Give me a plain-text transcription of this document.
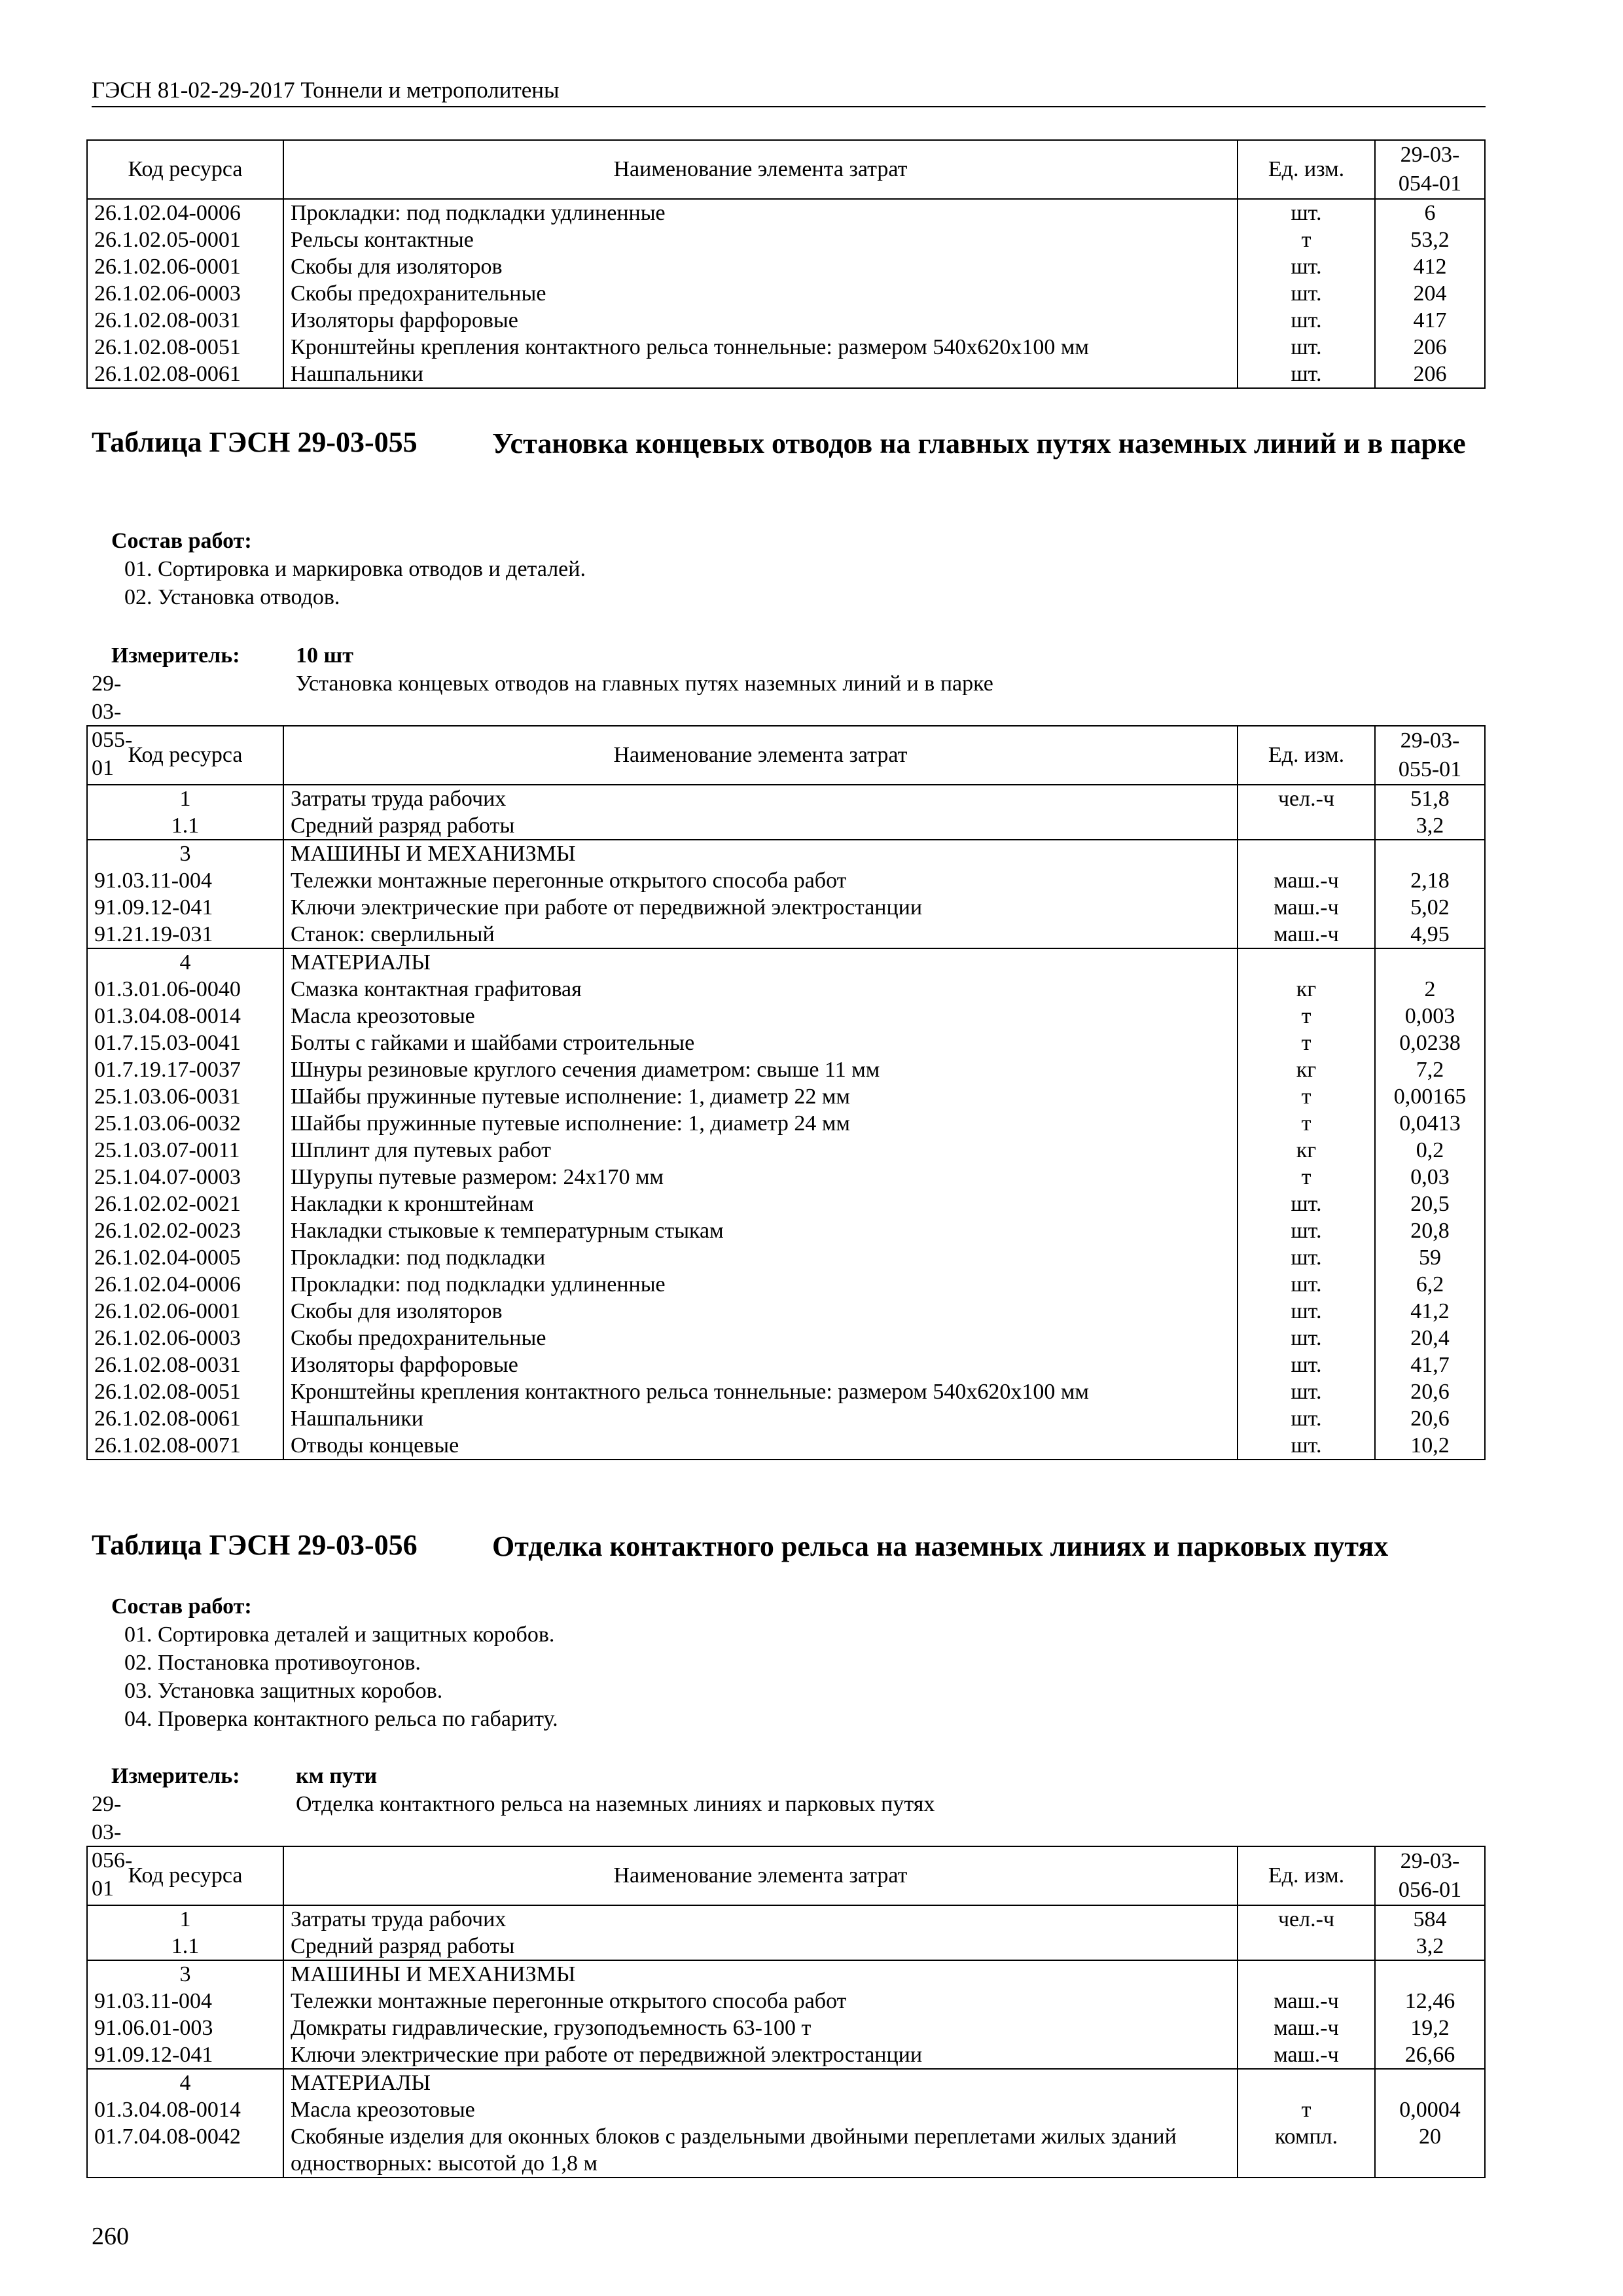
ГЭСН 81-02-29-2017 Тоннели и метрополитены
Код ресурса	Наименование элемента затрат	Ед. изм.	29-03-
054-01
26.1.02.04-0006	Прокладки: под подкладки удлиненные	шт.	6
26.1.02.05-0001	Рельсы контактные	т	53,2
26.1.02.06-0001	Скобы для изоляторов	шт.	412
26.1.02.06-0003	Скобы предохранительные	шт.	204
26.1.02.08-0031	Изоляторы фарфоровые	шт.	417
26.1.02.08-0051	Кронштейны крепления контактного рельса тоннельные: размером 540х620х100 мм	шт.	206
26.1.02.08-0061	Нашпальники	шт.	206
Таблица ГЭСН 29-03-055	Установка концевых отводов на главных путях наземных линий и в парке
Состав работ:
01. Сортировка и маркировка отводов и деталей.
02. Установка отводов.
Измеритель:	10 шт
29-03-055-01
Установка концевых отводов на главных путях наземных линий и в парке
Код ресурса	Наименование элемента затрат	Ед. изм.	29-03-
055-01
1	Затраты труда рабочих	чел.-ч	51,8
1.1	Средний разряд работы		3,2
3	МАШИНЫ И МЕХАНИЗМЫ		
91.03.11-004	Тележки монтажные перегонные открытого способа работ	маш.-ч	2,18
91.09.12-041	Ключи электрические при работе от передвижной электростанции	маш.-ч	5,02
91.21.19-031	Станок: сверлильный	маш.-ч	4,95
4	МАТЕРИАЛЫ		
01.3.01.06-0040	Смазка контактная графитовая	кг	2
01.3.04.08-0014	Масла креозотовые	т	0,003
01.7.15.03-0041	Болты с гайками и шайбами строительные	т	0,0238
01.7.19.17-0037	Шнуры резиновые круглого сечения диаметром: свыше 11 мм	кг	7,2
25.1.03.06-0031	Шайбы пружинные путевые исполнение: 1, диаметр 22 мм	т	0,00165
25.1.03.06-0032	Шайбы пружинные путевые исполнение: 1, диаметр 24 мм	т	0,0413
25.1.03.07-0011	Шплинт для путевых работ	кг	0,2
25.1.04.07-0003	Шурупы путевые размером: 24х170 мм	т	0,03
26.1.02.02-0021	Накладки к кронштейнам	шт.	20,5
26.1.02.02-0023	Накладки стыковые к температурным стыкам	шт.	20,8
26.1.02.04-0005	Прокладки: под подкладки	шт.	59
26.1.02.04-0006	Прокладки: под подкладки удлиненные	шт.	6,2
26.1.02.06-0001	Скобы для изоляторов	шт.	41,2
26.1.02.06-0003	Скобы предохранительные	шт.	20,4
26.1.02.08-0031	Изоляторы фарфоровые	шт.	41,7
26.1.02.08-0051	Кронштейны крепления контактного рельса тоннельные: размером 540х620х100 мм	шт.	20,6
26.1.02.08-0061	Нашпальники	шт.	20,6
26.1.02.08-0071	Отводы концевые	шт.	10,2
Таблица ГЭСН 29-03-056	Отделка контактного рельса на наземных линиях и парковых путях
Состав работ:
01. Сортировка деталей и защитных коробов.
02. Постановка противоугонов.
03. Установка защитных коробов.
04. Проверка контактного рельса по габариту.
Измеритель:	км пути
29-03-056-01
Отделка контактного рельса на наземных линиях и парковых путях
Код ресурса	Наименование элемента затрат	Ед. изм.	29-03-
056-01
1	Затраты труда рабочих	чел.-ч	584
1.1	Средний разряд работы		3,2
3	МАШИНЫ И МЕХАНИЗМЫ		
91.03.11-004	Тележки монтажные перегонные открытого способа работ	маш.-ч	12,46
91.06.01-003	Домкраты гидравлические, грузоподъемность 63-100 т	маш.-ч	19,2
91.09.12-041	Ключи электрические при работе от передвижной электростанции	маш.-ч	26,66
4	МАТЕРИАЛЫ		
01.3.04.08-0014	Масла креозотовые	т	0,0004
01.7.04.08-0042	Скобяные изделия для оконных блоков с раздельными двойными переплетами жилых зданий одностворных: высотой до 1,8 м	компл.	20
260
